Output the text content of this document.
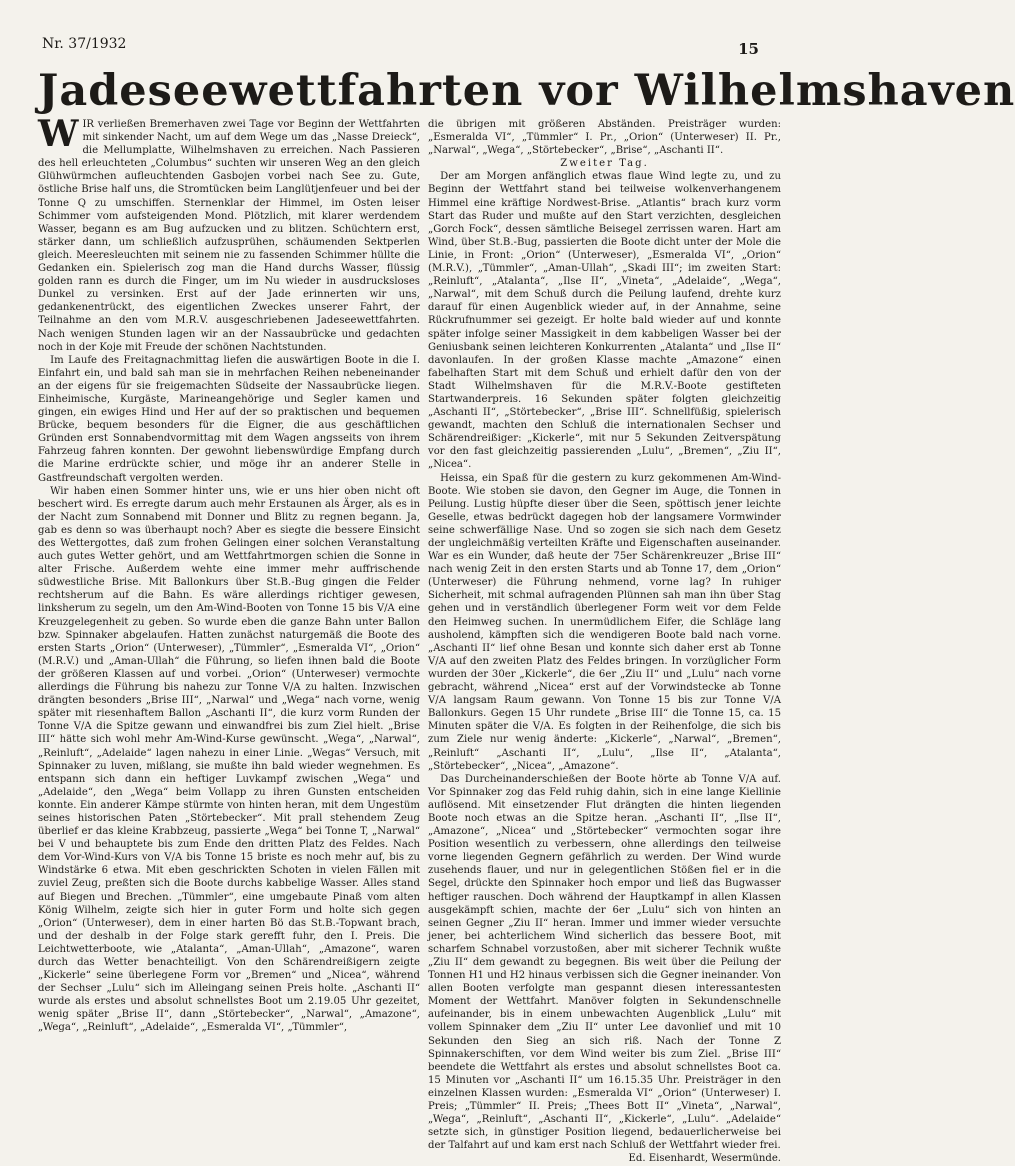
Nr. 37/1932	15
Jadeseewettfahrten vor Wilhelmshaven

WIR verließen Bremerhaven zwei Tage vor Beginn der Wettfahrten mit sinkender Nacht, um auf dem Wege um das „Nasse Dreieck“, die Mellumplatte, Wilhelmshaven zu erreichen. Nach Passieren des hell erleuchteten „Columbus“ suchten wir unseren Weg an den gleich Glühwürmchen aufleuchtenden Gasbojen vorbei nach See zu. Gute, östliche Brise half uns, die Stromtücken beim Langlütjenfeuer und bei der Tonne Q zu umschiffen. Sternenklar der Himmel, im Osten leiser Schimmer vom aufsteigenden Mond. Plötzlich, mit klarer werdendem Wasser, begann es am Bug aufzucken und zu blitzen. Schüchtern erst, stärker dann, um schließlich aufzusprühen, schäumenden Sektperlen gleich. Meeresleuchten mit seinem nie zu fassenden Schimmer hüllte die Gedanken ein. Spielerisch zog man die Hand durchs Wasser, flüssig golden rann es durch die Finger, um im Nu wieder in ausdrucksloses Dunkel zu versinken. Erst auf der Jade erinnerten wir uns, gedankenentrückt, des eigentlichen Zweckes unserer Fahrt, der Teilnahme an den vom M.R.V. ausgeschriebenen Jadeseewettfahrten. Nach wenigen Stunden lagen wir an der Nassaubrücke und gedachten noch in der Koje mit Freude der schönen Nachtstunden.

Im Laufe des Freitagnachmittag liefen die auswärtigen Boote in die I. Einfahrt ein, und bald sah man sie in mehrfachen Reihen nebeneinander an der eigens für sie freigemachten Südseite der Nassaubrücke liegen. Einheimische, Kurgäste, Marineangehörige und Segler kamen und gingen, ein ewiges Hind und Her auf der so praktischen und bequemen Brücke, bequem besonders für die Eigner, die aus geschäftlichen Gründen erst Sonnabendvormittag mit dem Wagen angsseits von ihrem Fahrzeug fahren konnten. Der gewohnt liebenswürdige Empfang durch die Marine erdrückte schier, und möge ihr an anderer Stelle in Gastfreundschaft vergolten werden.

Wir haben einen Sommer hinter uns, wie er uns hier oben nicht oft beschert wird. Es erregte darum auch mehr Erstaunen als Ärger, als es in der Nacht zum Sonnabend mit Donner und Blitz zu regnen begann. Ja, gab es denn so was überhaupt noch? Aber es siegte die bessere Einsicht des Wettergottes, daß zum frohen Gelingen einer solchen Veranstaltung auch gutes Wetter gehört, und am Wettfahrtmorgen schien die Sonne in alter Frische. Außerdem wehte eine immer mehr auffrischende südwestliche Brise. Mit Ballonkurs über St.B.-Bug gingen die Felder rechtsherum auf die Bahn. Es wäre allerdings richtiger gewesen, linksherum zu segeln, um den Am-Wind-Booten von Tonne 15 bis V/A eine Kreuzgelegenheit zu geben. So wurde eben die ganze Bahn unter Ballon bzw. Spinnaker abgelaufen. Hatten zunächst naturgemäß die Boote des ersten Starts „Orion“ (Unterweser), „Tümmler“, „Esmeralda VI“, „Orion“ (M.R.V.) und „Aman-Ullah“ die Führung, so liefen ihnen bald die Boote der größeren Klassen auf und vorbei. „Orion“ (Unterweser) vermochte allerdings die Führung bis nahezu zur Tonne V/A zu halten. Inzwischen drängten besonders „Brise III“, „Narwal“ und „Wega“ nach vorne, wenig später mit riesenhaftem Ballon „Aschanti II“, die kurz vorm Runden der Tonne V/A die Spitze gewann und einwandfrei bis zum Ziel hielt. „Brise III“ hätte sich wohl mehr Am-Wind-Kurse gewünscht. „Wega“, „Narwal“, „Reinluft“, „Adelaide“ lagen nahezu in einer Linie. „Wegas“ Versuch, mit Spinnaker zu luven, mißlang, sie mußte ihn bald wieder wegnehmen. Es entspann sich dann ein heftiger Luvkampf zwischen „Wega“ und „Adelaide“, den „Wega“ beim Vollapp zu ihren Gunsten entscheiden konnte. Ein anderer Kämpe stürmte von hinten heran, mit dem Ungestüm seines historischen Paten „Störtebecker“. Mit prall stehendem Zeug überlief er das kleine Krabbzeug, passierte „Wega“ bei Tonne T, „Narwal“ bei V und behauptete bis zum Ende den dritten Platz des Feldes. Nach dem Vor-Wind-Kurs von V/A bis Tonne 15 briste es noch mehr auf, bis zu Windstärke 6 etwa. Mit eben geschrickten Schoten in vielen Fällen mit zuviel Zeug, preßten sich die Boote durchs kabbelige Wasser. Alles stand auf Biegen und Brechen. „Tümmler“, eine umgebaute Pinaß vom alten König Wilhelm, zeigte sich hier in guter Form und holte sich gegen „Orion“ (Unterweser), dem in einer harten Bö das St.B.-Topwant brach, und der deshalb in der Folge stark gerefft fuhr, den I. Preis. Die Leichtwetterboote, wie „Atalanta“, „Aman-Ullah“, „Amazone“, waren durch das Wetter benachteiligt. Von den Schärendreißigern zeigte „Kickerle“ seine überlegene Form vor „Bremen“ und „Nicea“, während der Sechser „Lulu“ sich im Alleingang seinen Preis holte. „Aschanti II“ wurde als erstes und absolut schnellstes Boot um 2.19.05 Uhr gezeitet, wenig später „Brise II“, dann „Störtebecker“, „Narwal“, „Amazone“, „Wega“, „Reinluft“, „Adelaide“, „Esmeralda VI“, „Tümmler“,

die übrigen mit größeren Abständen. Preisträger wurden: „Esmeralda VI“, „Tümmler“ I. Pr., „Orion“ (Unterweser) II. Pr., „Narwal“, „Wega“, „Störtebecker“, „Brise“, „Aschanti II“.

Zweiter Tag.

Der am Morgen anfänglich etwas flaue Wind legte zu, und zu Beginn der Wettfahrt stand bei teilweise wolkenverhangenem Himmel eine kräftige Nordwest-Brise. „Atlantis“ brach kurz vorm Start das Ruder und mußte auf den Start verzichten, desgleichen „Gorch Fock“, dessen sämtliche Beisegel zerrissen waren. Hart am Wind, über St.B.-Bug, passierten die Boote dicht unter der Mole die Linie, in Front: „Orion“ (Unterweser), „Esmeralda VI“, „Orion“ (M.R.V.), „Tümmler“, „Aman-Ullah“, „Skadi III“; im zweiten Start: „Reinluft“, „Atalanta“, „Ilse II“, „Vineta“, „Adelaide“, „Wega“, „Narwal“, mit dem Schuß durch die Peilung laufend, drehte kurz darauf für einen Augenblick wieder auf, in der Annahme, seine Rückrufnummer sei gezeigt. Er holte bald wieder auf und konnte später infolge seiner Massigkeit in dem kabbeligen Wasser bei der Geniusbank seinen leichteren Konkurrenten „Atalanta“ und „Ilse II“ davonlaufen. In der großen Klasse machte „Amazone“ einen fabelhaften Start mit dem Schuß und erhielt dafür den von der Stadt Wilhelmshaven für die M.R.V.-Boote gestifteten Startwanderpreis. 16 Sekunden später folgten gleichzeitig „Aschanti II“, „Störtebecker“, „Brise III“. Schnellfüßig, spielerisch gewandt, machten den Schluß die internationalen Sechser und Schärendreißiger: „Kickerle“, mit nur 5 Sekunden Zeitverspätung vor den fast gleichzeitig passierenden „Lulu“, „Bremen“, „Ziu II“, „Nicea“.

Heissa, ein Spaß für die gestern zu kurz gekommenen Am-Wind-Boote. Wie stoben sie davon, den Gegner im Auge, die Tonnen in Peilung. Lustig hüpfte dieser über die Seen, spöttisch jener leichte Geselle, etwas bedrückt dagegen hob der langsamere Vormwinder seine schwerfällige Nase. Und so zogen sie sich nach dem Gesetz der ungleichmäßig verteilten Kräfte und Eigenschaften auseinander. War es ein Wunder, daß heute der 75er Schärenkreuzer „Brise III“ nach wenig Zeit in den ersten Starts und ab Tonne 17, dem „Orion“ (Unterweser) die Führung nehmend, vorne lag? In ruhiger Sicherheit, mit schmal aufragenden Plünnen sah man ihn über Stag gehen und in verständlich überlegener Form weit vor dem Felde den Heimweg suchen. In unermüdlichem Eifer, die Schläge lang ausholend, kämpften sich die wendigeren Boote bald nach vorne. „Aschanti II“ lief ohne Besan und konnte sich daher erst ab Tonne V/A auf den zweiten Platz des Feldes bringen. In vorzüglicher Form wurden der 30er „Kickerle“, die 6er „Ziu II“ und „Lulu“ nach vorne gebracht, während „Nicea“ erst auf der Vorwindstecke ab Tonne V/A langsam Raum gewann. Von Tonne 15 bis zur Tonne V/A Ballonkurs. Gegen 15 Uhr rundete „Brise III“ die Tonne 15, ca. 15 Minuten später die V/A. Es folgten in der Reihenfolge, die sich bis zum Ziele nur wenig änderte: „Kickerle“, „Narwal“, „Bremen“, „Reinluft“ „Aschanti II“, „Lulu“, „Ilse II“, „Atalanta“, „Störtebecker“, „Nicea“, „Amazone“.

Das Durcheinanderschießen der Boote hörte ab Tonne V/A auf. Vor Spinnaker zog das Feld ruhig dahin, sich in eine lange Kiellinie auflösend. Mit einsetzender Flut drängten die hinten liegenden Boote noch etwas an die Spitze heran. „Aschanti II“, „Ilse II“, „Amazone“, „Nicea“ und „Störtebecker“ vermochten sogar ihre Position wesentlich zu verbessern, ohne allerdings den teilweise vorne liegenden Gegnern gefährlich zu werden. Der Wind wurde zusehends flauer, und nur in gelegentlichen Stößen fiel er in die Segel, drückte den Spinnaker hoch empor und ließ das Bugwasser heftiger rauschen. Doch während der Hauptkampf in allen Klassen ausgekämpft schien, machte der 6er „Lulu“ sich von hinten an seinen Gegner „Ziu II“ heran. Immer und immer wieder versuchte jener, bei achterlichem Wind sicherlich das bessere Boot, mit scharfem Schnabel vorzustoßen, aber mit sicherer Technik wußte „Ziu II“ dem gewandt zu begegnen. Bis weit über die Peilung der Tonnen H1 und H2 hinaus verbissen sich die Gegner ineinander. Von allen Booten verfolgte man gespannt diesen interessantesten Moment der Wettfahrt. Manöver folgten in Sekundenschnelle aufeinander, bis in einem unbewachten Augenblick „Lulu“ mit vollem Spinnaker dem „Ziu II“ unter Lee davonlief und mit 10 Sekunden den Sieg an sich riß. Nach der Tonne Z Spinnakerschiften, vor dem Wind weiter bis zum Ziel. „Brise III“ beendete die Wettfahrt als erstes und absolut schnellstes Boot ca. 15 Minuten vor „Aschanti II“ um 16.15.35 Uhr. Preisträger in den einzelnen Klassen wurden: „Esmeralda VI“ „Orion“ (Unterweser) I. Preis; „Tümmler“ II. Preis; „Thees Bott II“ „Vineta“, „Narwal“, „Wega“, „Reinluft“, „Aschanti II“, „Kickerle“, „Lulu“. „Adelaide“ setzte sich, in günstiger Position liegend, bedauerlicherweise bei der Talfahrt auf und kam erst nach Schluß der Wettfahrt wieder frei.

Ed. Eisenhardt, Wesermünde.
